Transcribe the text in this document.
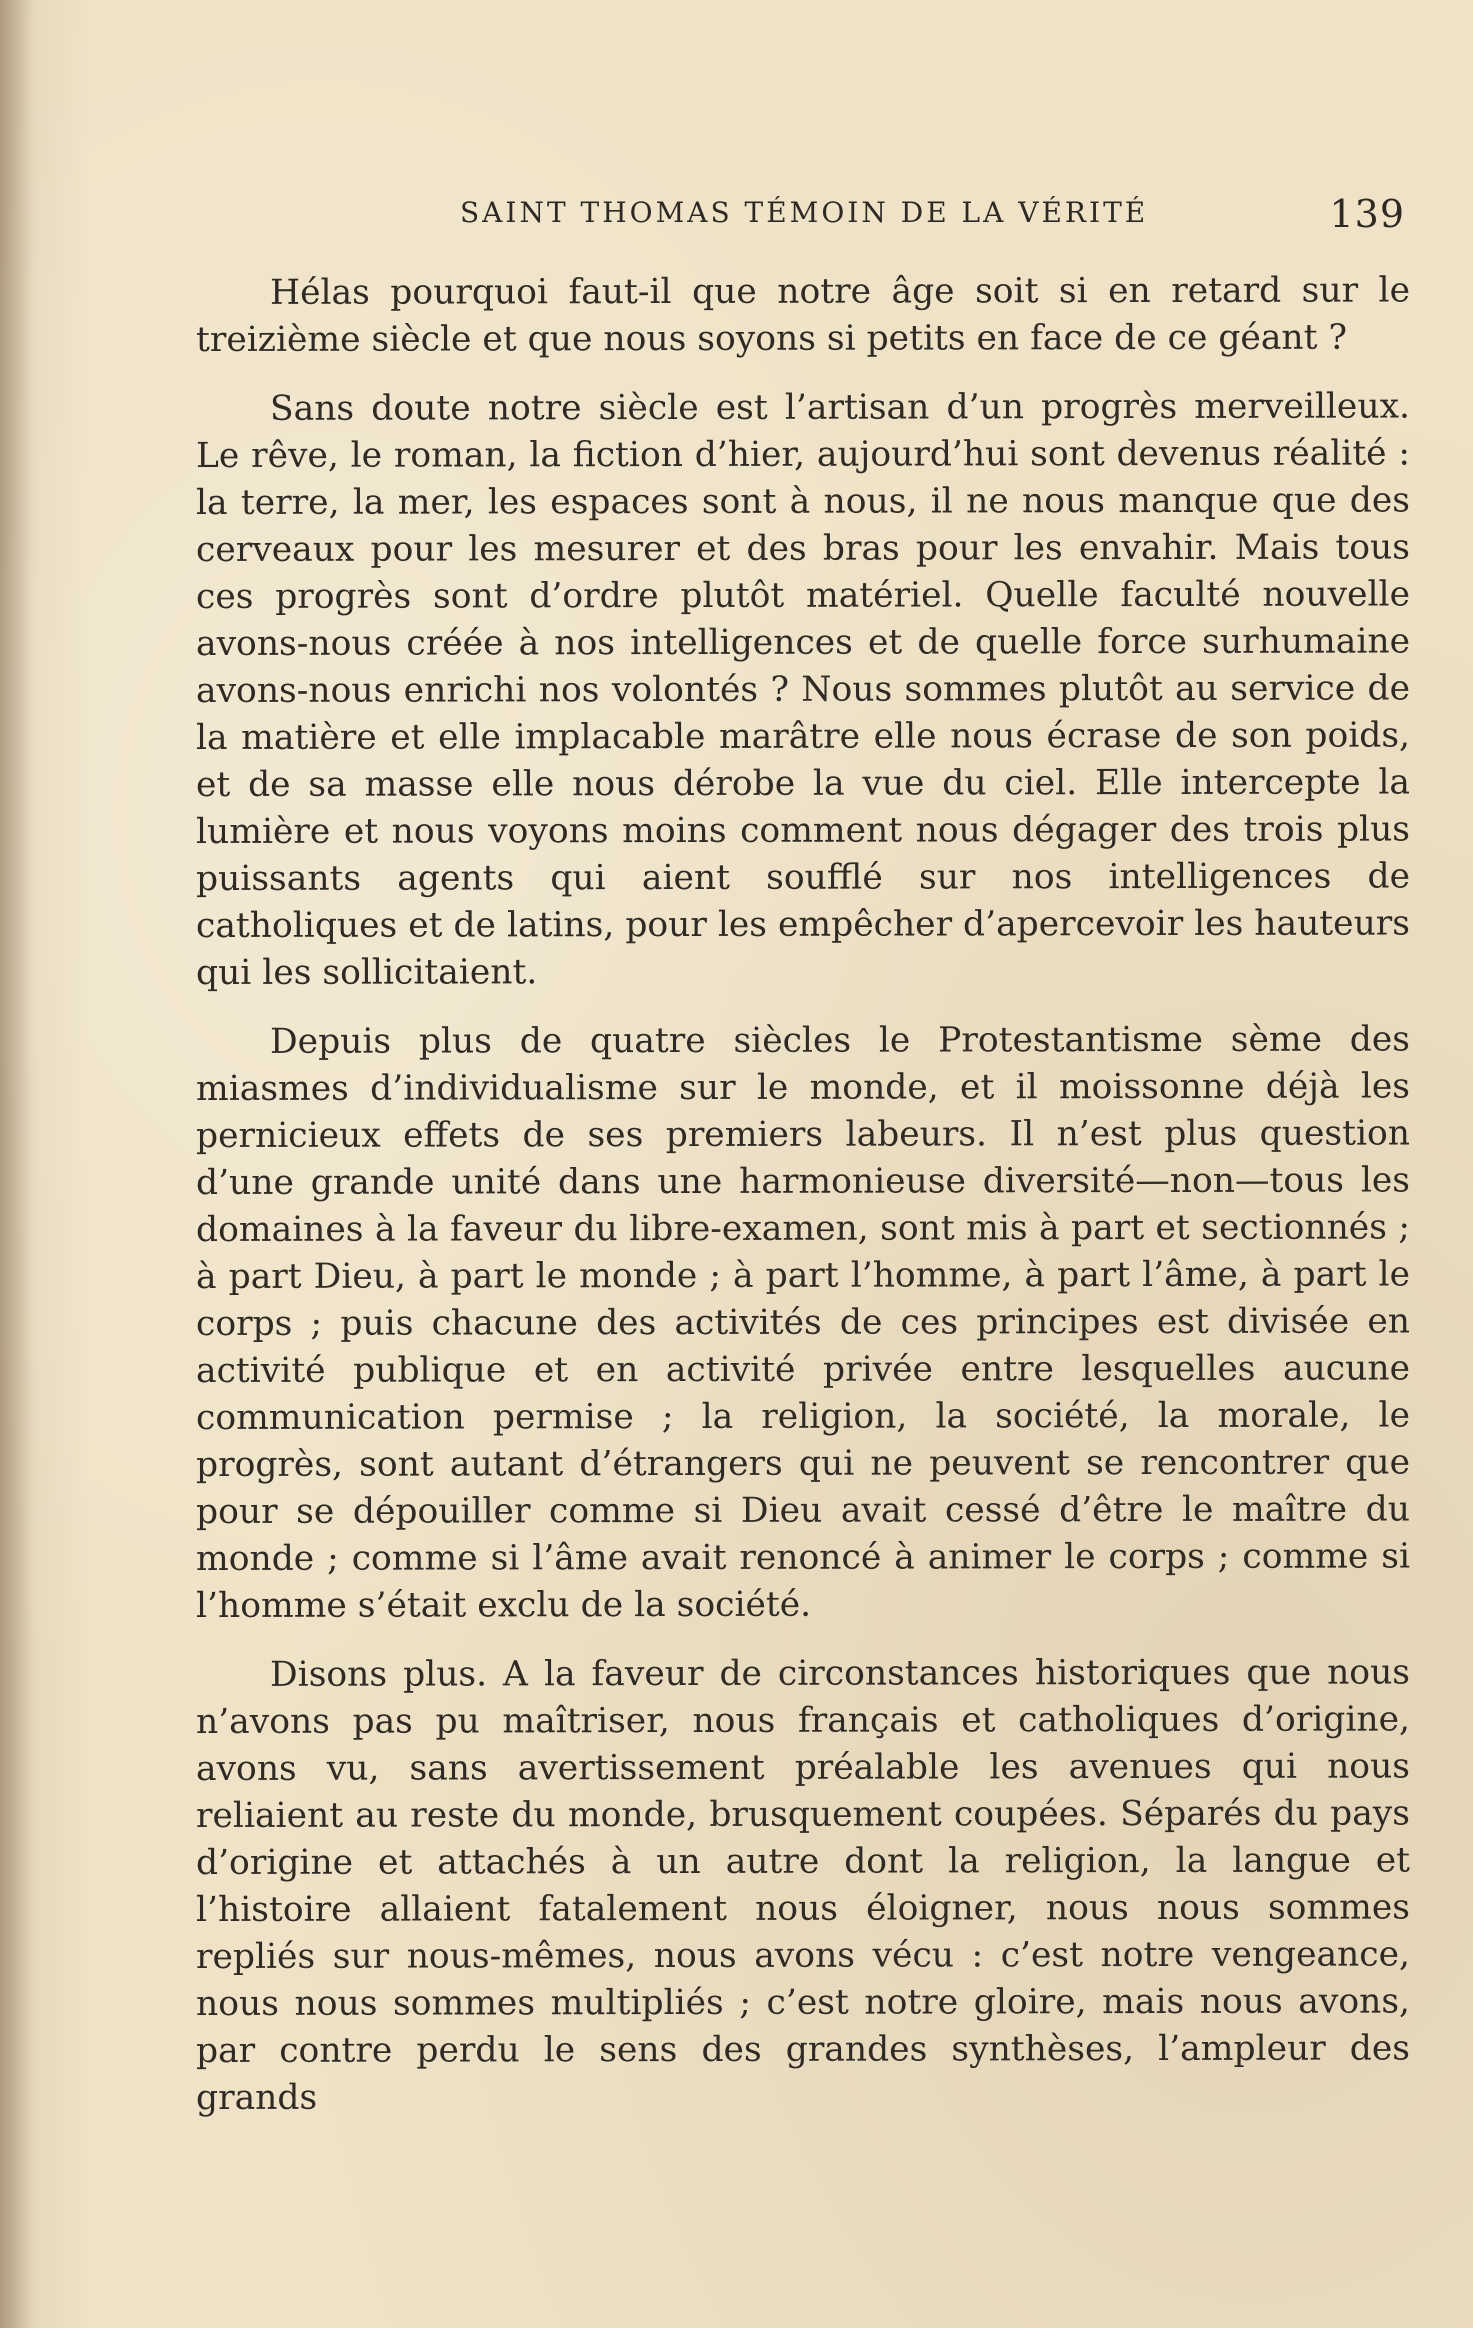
SAINT THOMAS TÉMOIN DE LA VÉRITÉ	139

Hélas pourquoi faut-il que notre âge soit si en retard sur le treizième siècle et que nous soyons si petits en face de ce géant ?

Sans doute notre siècle est l’artisan d’un progrès merveilleux. Le rêve, le roman, la fiction d’hier, aujourd’hui sont devenus réalité : la terre, la mer, les espaces sont à nous, il ne nous manque que des cerveaux pour les mesurer et des bras pour les envahir. Mais tous ces progrès sont d’ordre plutôt matériel. Quelle faculté nouvelle avons-nous créée à nos intelligences et de quelle force surhumaine avons-nous enrichi nos volontés ? Nous sommes plutôt au service de la matière et elle implacable marâtre elle nous écrase de son poids, et de sa masse elle nous dérobe la vue du ciel. Elle intercepte la lumière et nous voyons moins comment nous dégager des trois plus puissants agents qui aient soufflé sur nos intelligences de catholiques et de latins, pour les empêcher d’apercevoir les hauteurs qui les sollicitaient.

Depuis plus de quatre siècles le Protestantisme sème des miasmes d’individualisme sur le monde, et il moissonne déjà les pernicieux effets de ses premiers labeurs. Il n’est plus question d’une grande unité dans une harmonieuse diversité—non—tous les domaines à la faveur du libre-examen, sont mis à part et sectionnés ; à part Dieu, à part le monde ; à part l’homme, à part l’âme, à part le corps ; puis chacune des activités de ces principes est divisée en activité publique et en activité privée entre lesquelles aucune communication permise ; la religion, la société, la morale, le progrès, sont autant d’étrangers qui ne peuvent se rencontrer que pour se dépouiller comme si Dieu avait cessé d’être le maître du monde ; comme si l’âme avait renoncé à animer le corps ; comme si l’homme s’était exclu de la société.

Disons plus. A la faveur de circonstances historiques que nous n’avons pas pu maîtriser, nous français et catholiques d’origine, avons vu, sans avertissement préalable les avenues qui nous reliaient au reste du monde, brusquement coupées. Séparés du pays d’origine et attachés à un autre dont la religion, la langue et l’histoire allaient fatalement nous éloigner, nous nous sommes repliés sur nous-mêmes, nous avons vécu : c’est notre vengeance, nous nous sommes multipliés ; c’est notre gloire, mais nous avons, par contre perdu le sens des grandes synthèses, l’ampleur des grands
